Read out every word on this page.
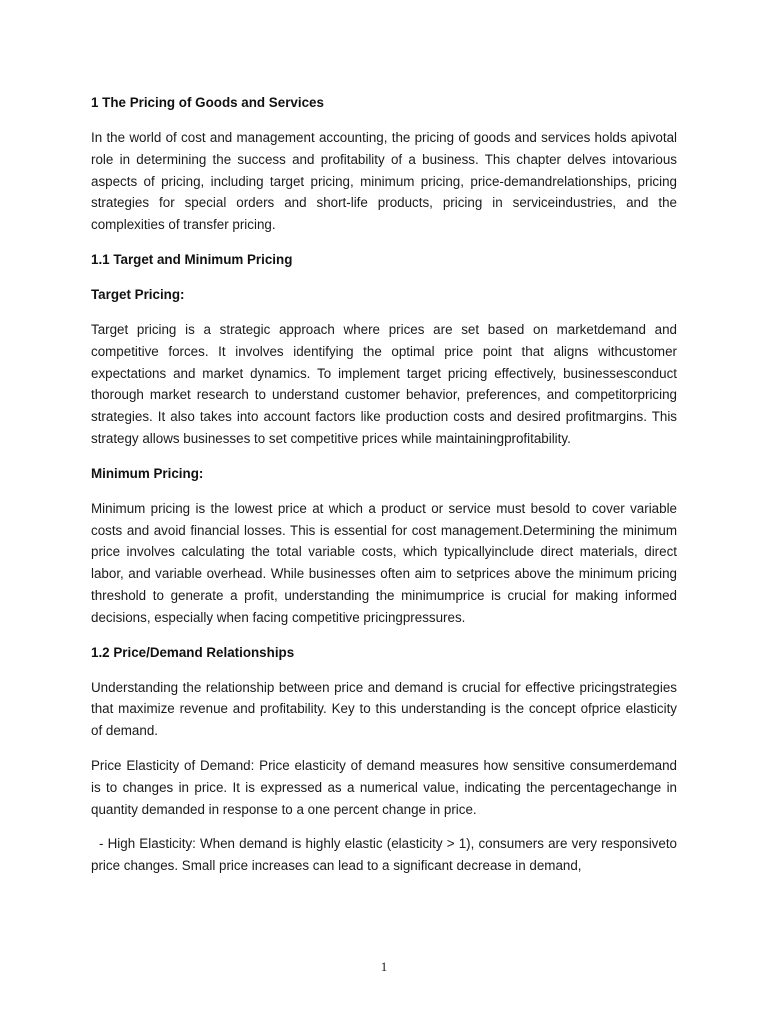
1 The Pricing of Goods and Services

In the world of cost and management accounting, the pricing of goods and services holds apivotal role in determining the success and profitability of a business. This chapter delves intovarious aspects of pricing, including target pricing, minimum pricing, price-demandrelationships, pricing strategies for special orders and short-life products, pricing in serviceindustries, and the complexities of transfer pricing.

1.1 Target and Minimum Pricing

Target Pricing:

Target pricing is a strategic approach where prices are set based on marketdemand and competitive forces. It involves identifying the optimal price point that aligns withcustomer expectations and market dynamics. To implement target pricing effectively, businessesconduct thorough market research to understand customer behavior, preferences, and competitorpricing strategies. It also takes into account factors like production costs and desired profitmargins. This strategy allows businesses to set competitive prices while maintainingprofitability.

Minimum Pricing:

Minimum pricing is the lowest price at which a product or service must besold to cover variable costs and avoid financial losses. This is essential for cost management.Determining the minimum price involves calculating the total variable costs, which typicallyinclude direct materials, direct labor, and variable overhead. While businesses often aim to setprices above the minimum pricing threshold to generate a profit, understanding the minimumprice is crucial for making informed decisions, especially when facing competitive pricingpressures.

1.2 Price/Demand Relationships

Understanding the relationship between price and demand is crucial for effective pricingstrategies that maximize revenue and profitability. Key to this understanding is the concept ofprice elasticity of demand.

Price Elasticity of Demand: Price elasticity of demand measures how sensitive consumerdemand is to changes in price. It is expressed as a numerical value, indicating the percentagechange in quantity demanded in response to a one percent change in price.

- High Elasticity: When demand is highly elastic (elasticity > 1), consumers are very responsiveto price changes. Small price increases can lead to a significant decrease in demand,

1
